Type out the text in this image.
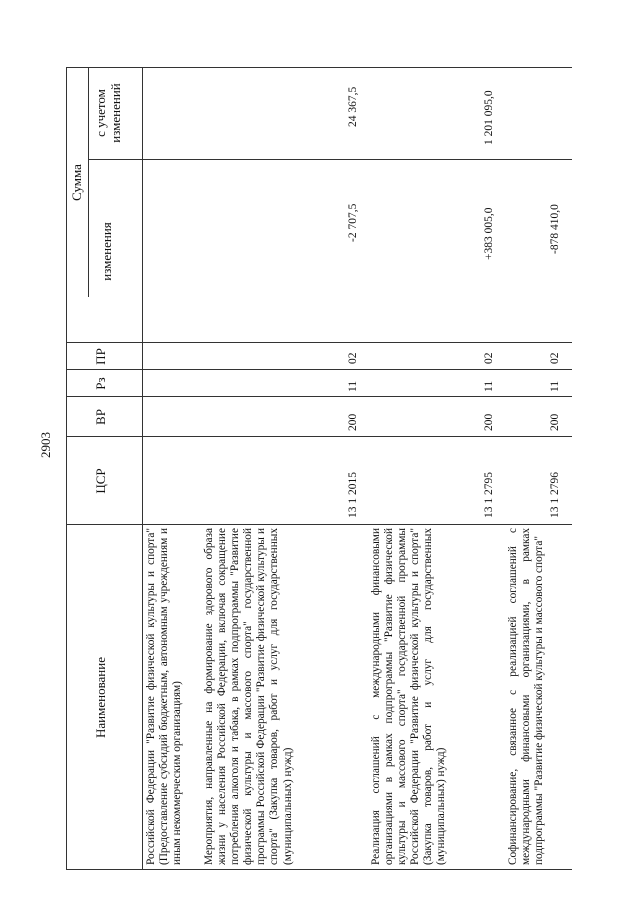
2903
Наименование
ЦСР
ВР
Рз
ПР
Сумма
изменения
с учетом изменений

Российской Федерации "Развитие физической культуры и спорта" (Предоставление субсидий бюджетным, автономным учреждениям и иным некоммерческим организациям) Мероприятия, направленные на формирование здорового образа жизни у населения Российской Федерации, включая сокращение потребления алкоголя и табака, в рамках подпрограммы "Развитие физической культуры и массового спорта" государственной программы Российской Федерации "Развитие физической культуры и спорта" (Закупка товаров, работ и услуг для государственных (муниципальных) нужд)

13 1 2015
200
11
02
-2 707,5
24 367,5

Реализация соглашений с международными финансовыми организациями в рамках подпрограммы "Развитие физической культуры и массового спорта" государственной программы Российской Федерации "Развитие физической культуры и спорта" (Закупка товаров, работ и услуг для государственных (муниципальных) нужд)

13 1 2795
200
11
02
+383 005,0
1 201 095,0

Софинансирование, связанное с реализацией соглашений с международными финансовыми организациями, в рамках подпрограммы "Развитие физической культуры и массового спорта"

13 1 2796
200
11
02
-878 410,0
